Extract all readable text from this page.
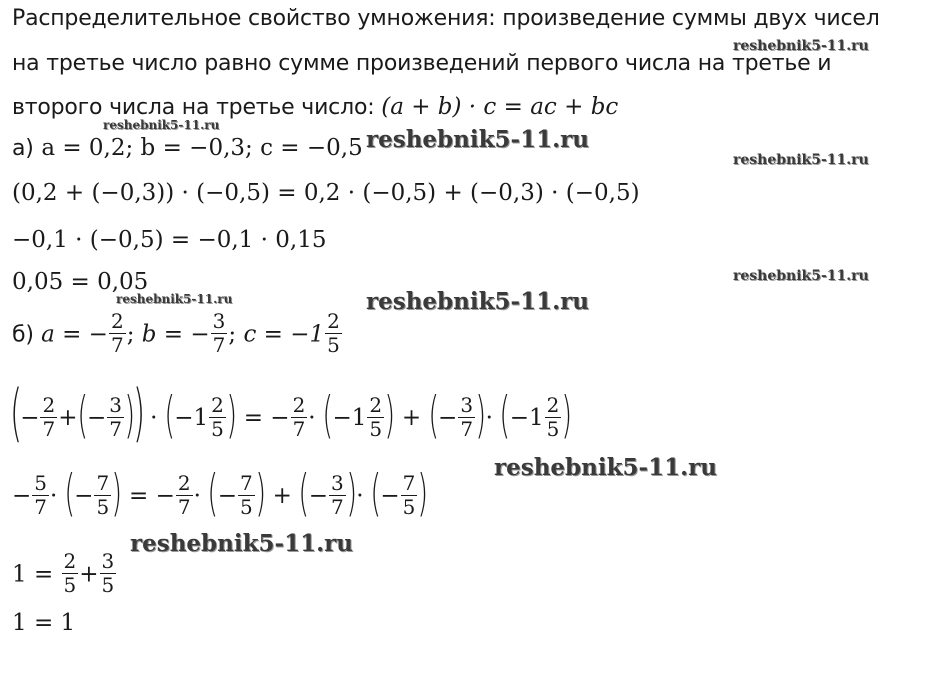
Распределительное свойство умножения: произведение суммы двух чисел
на третье число равно сумме произведений первого числа на третье и
второго числа на третье число: (a + b) · c = ac + bc
а) a = 0,2; b = −0,3; c = −0,5
(0,2 + (−0,3)) · (−0,5) = 0,2 · (−0,5) + (−0,3) · (−0,5)
−0,1 · (−0,5) = −0,1 · 0,15
0,05 = 0,05
б) a = − $\frac{2}{7}$ ; b = − $\frac{3}{7}$ ; $c = -1 \frac{2}{5}$
(− $\frac{2}{7}$ +(− $\frac{3}{7}$ )) · ($-1 \frac{2}{5}$ ) = − $\frac{2}{7} \cdot (-1 \frac{2}{5}$ ) + (− $\frac{3}{7}$ )· ($-1 \frac{2}{5}$ )
− $\frac{5}{7}$ · (− $\frac{7}{5}$ ) = − $\frac{2}{7}$ · (− $\frac{7}{5}$ ) + (− $\frac{3}{7}$ )· (− $\frac{7}{5}$ )
$1 = \frac{2}{5} + \frac{3}{5}$
1 = 1
reshebnik5-11.ru
reshebnik5-11.ru
reshebnik5-11.ru
reshebnik5-11.ru
reshebnik5-11.ru
reshebnik5-11.ru	reshebnik5-11.ru
reshebnik5-11.ru
reshebnik5-11.ru
